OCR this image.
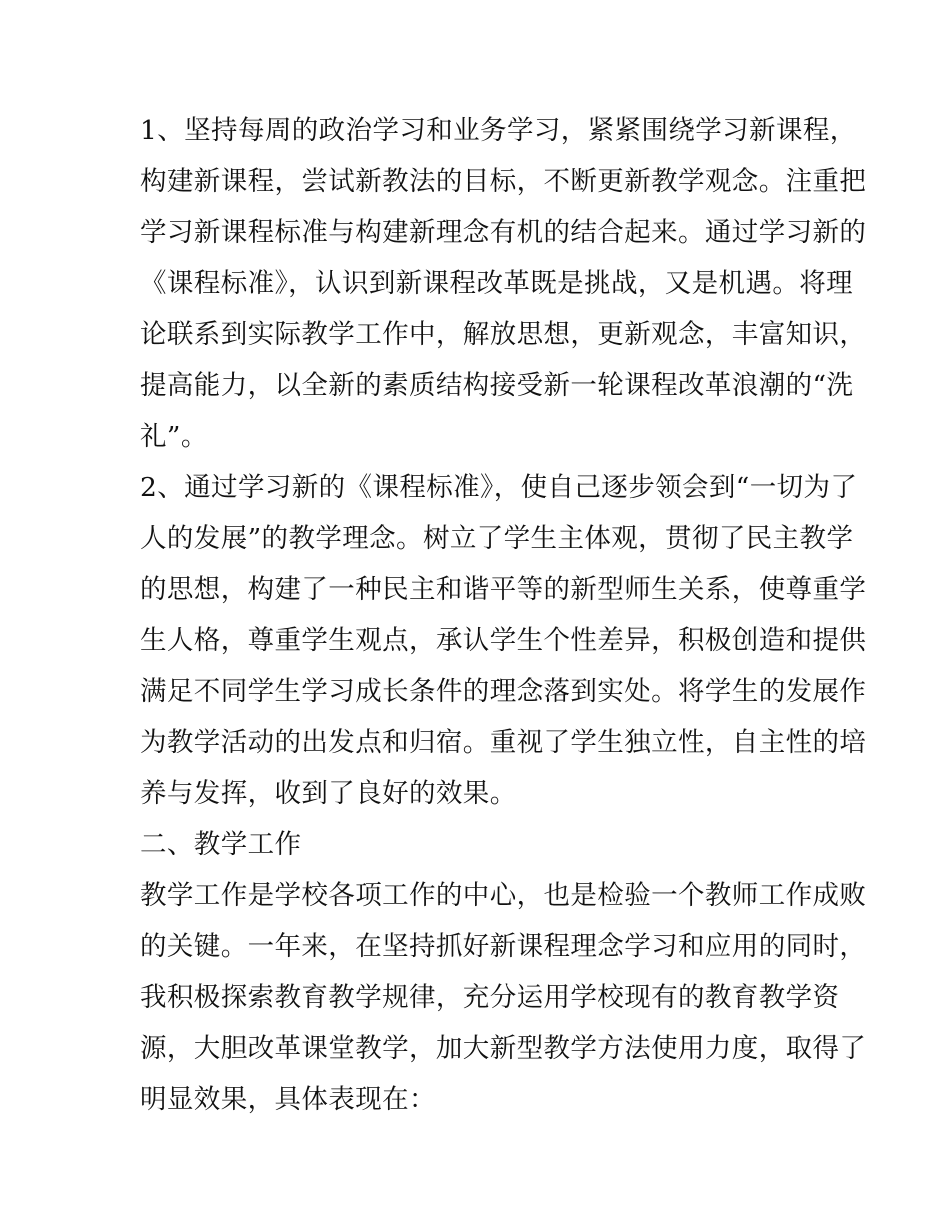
1、坚持每周的政治学习和业务学习，紧紧围绕学习新课程，
构建新课程，尝试新教法的目标，不断更新教学观念。注重把
学习新课程标准与构建新理念有机的结合起来。通过学习新的
《课程标准》，认识到新课程改革既是挑战，又是机遇。将理
论联系到实际教学工作中，解放思想，更新观念，丰富知识，
提高能力，以全新的素质结构接受新一轮课程改革浪潮的“洗
礼”。
2、通过学习新的《课程标准》，使自己逐步领会到“一切为了
人的发展”的教学理念。树立了学生主体观，贯彻了民主教学
的思想，构建了一种民主和谐平等的新型师生关系，使尊重学
生人格，尊重学生观点，承认学生个性差异，积极创造和提供
满足不同学生学习成长条件的理念落到实处。将学生的发展作
为教学活动的出发点和归宿。重视了学生独立性，自主性的培
养与发挥，收到了良好的效果。
二、教学工作
教学工作是学校各项工作的中心，也是检验一个教师工作成败
的关键。一年来，在坚持抓好新课程理念学习和应用的同时，
我积极探索教育教学规律，充分运用学校现有的教育教学资
源，大胆改革课堂教学，加大新型教学方法使用力度，取得了
明显效果，具体表现在：
